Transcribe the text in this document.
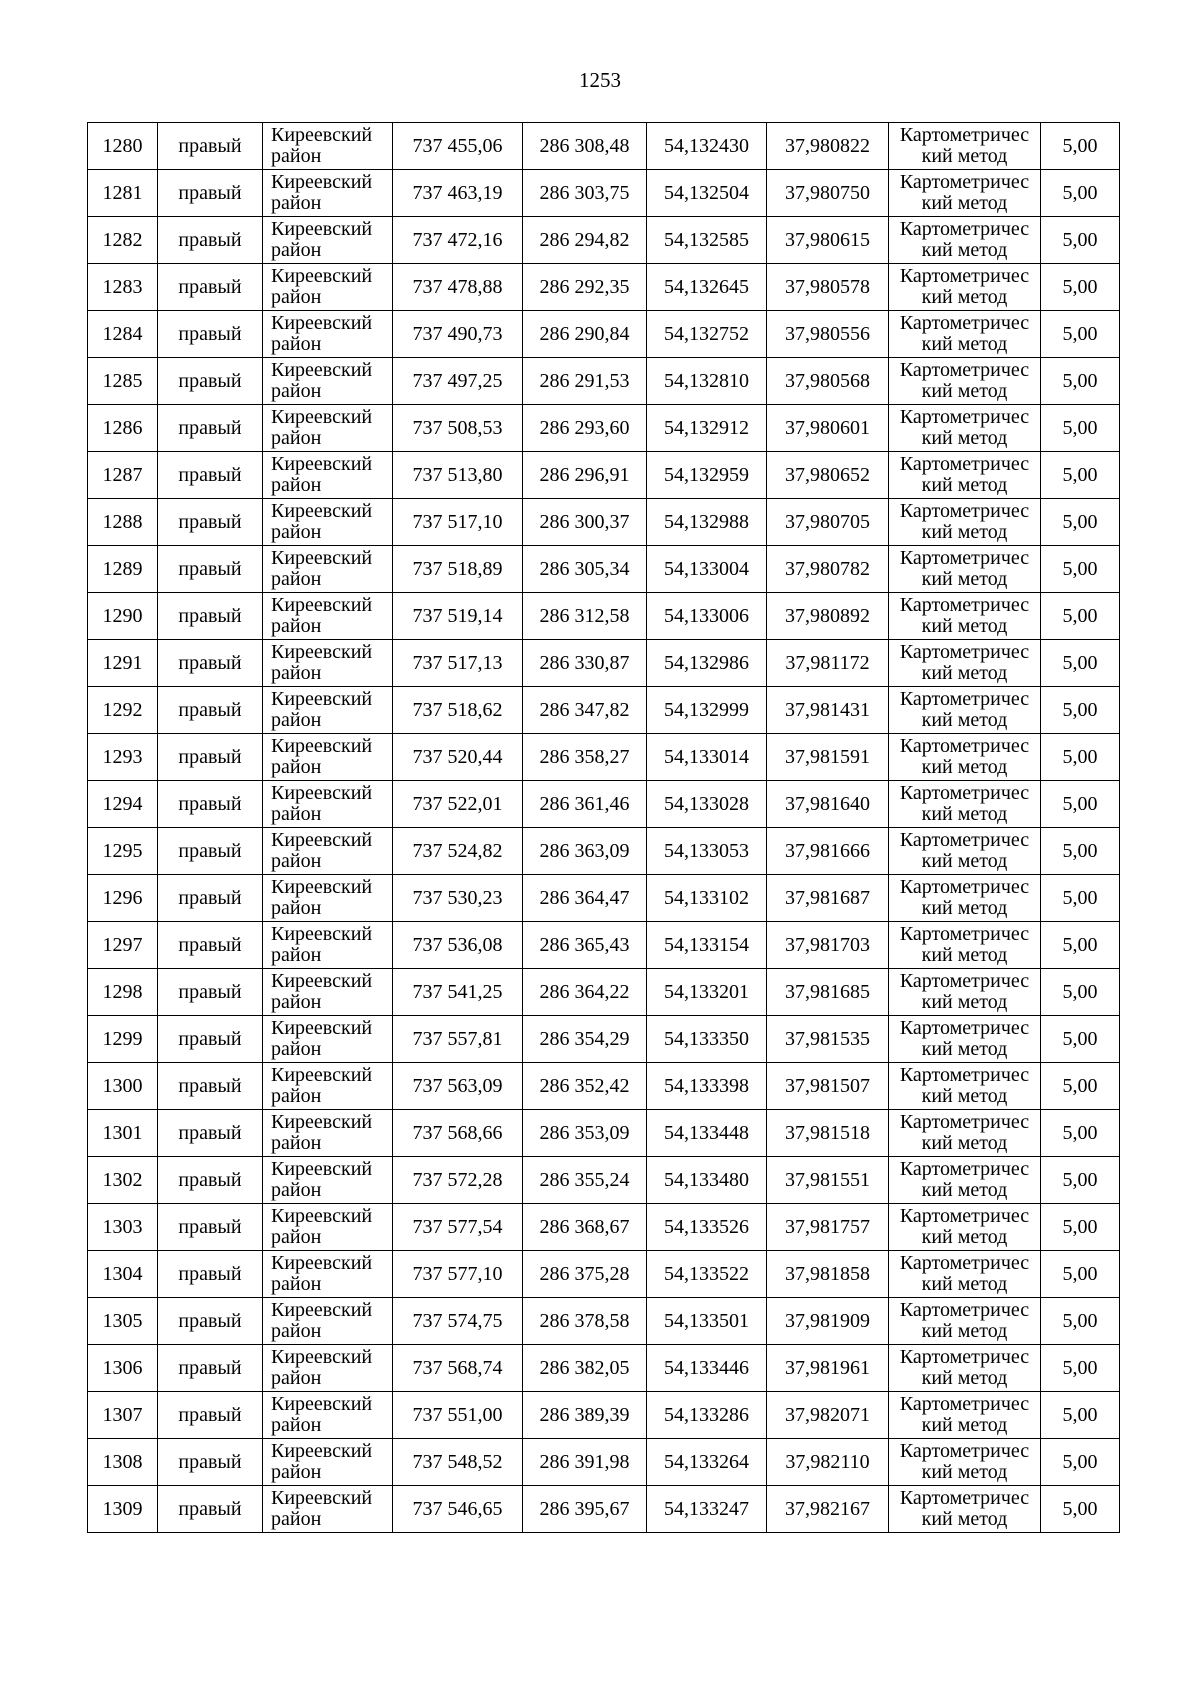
1253
1280	правый	Киреевский район	737 455,06	286 308,48	54,132430	37,980822	Картометрический метод	5,00
1281	правый	Киреевский район	737 463,19	286 303,75	54,132504	37,980750	Картометрический метод	5,00
1282	правый	Киреевский район	737 472,16	286 294,82	54,132585	37,980615	Картометрический метод	5,00
1283	правый	Киреевский район	737 478,88	286 292,35	54,132645	37,980578	Картометрический метод	5,00
1284	правый	Киреевский район	737 490,73	286 290,84	54,132752	37,980556	Картометрический метод	5,00
1285	правый	Киреевский район	737 497,25	286 291,53	54,132810	37,980568	Картометрический метод	5,00
1286	правый	Киреевский район	737 508,53	286 293,60	54,132912	37,980601	Картометрический метод	5,00
1287	правый	Киреевский район	737 513,80	286 296,91	54,132959	37,980652	Картометрический метод	5,00
1288	правый	Киреевский район	737 517,10	286 300,37	54,132988	37,980705	Картометрический метод	5,00
1289	правый	Киреевский район	737 518,89	286 305,34	54,133004	37,980782	Картометрический метод	5,00
1290	правый	Киреевский район	737 519,14	286 312,58	54,133006	37,980892	Картометрический метод	5,00
1291	правый	Киреевский район	737 517,13	286 330,87	54,132986	37,981172	Картометрический метод	5,00
1292	правый	Киреевский район	737 518,62	286 347,82	54,132999	37,981431	Картометрический метод	5,00
1293	правый	Киреевский район	737 520,44	286 358,27	54,133014	37,981591	Картометрический метод	5,00
1294	правый	Киреевский район	737 522,01	286 361,46	54,133028	37,981640	Картометрический метод	5,00
1295	правый	Киреевский район	737 524,82	286 363,09	54,133053	37,981666	Картометрический метод	5,00
1296	правый	Киреевский район	737 530,23	286 364,47	54,133102	37,981687	Картометрический метод	5,00
1297	правый	Киреевский район	737 536,08	286 365,43	54,133154	37,981703	Картометрический метод	5,00
1298	правый	Киреевский район	737 541,25	286 364,22	54,133201	37,981685	Картометрический метод	5,00
1299	правый	Киреевский район	737 557,81	286 354,29	54,133350	37,981535	Картометрический метод	5,00
1300	правый	Киреевский район	737 563,09	286 352,42	54,133398	37,981507	Картометрический метод	5,00
1301	правый	Киреевский район	737 568,66	286 353,09	54,133448	37,981518	Картометрический метод	5,00
1302	правый	Киреевский район	737 572,28	286 355,24	54,133480	37,981551	Картометрический метод	5,00
1303	правый	Киреевский район	737 577,54	286 368,67	54,133526	37,981757	Картометрический метод	5,00
1304	правый	Киреевский район	737 577,10	286 375,28	54,133522	37,981858	Картометрический метод	5,00
1305	правый	Киреевский район	737 574,75	286 378,58	54,133501	37,981909	Картометрический метод	5,00
1306	правый	Киреевский район	737 568,74	286 382,05	54,133446	37,981961	Картометрический метод	5,00
1307	правый	Киреевский район	737 551,00	286 389,39	54,133286	37,982071	Картометрический метод	5,00
1308	правый	Киреевский район	737 548,52	286 391,98	54,133264	37,982110	Картометрический метод	5,00
1309	правый	Киреевский район	737 546,65	286 395,67	54,133247	37,982167	Картометрический метод	5,00
